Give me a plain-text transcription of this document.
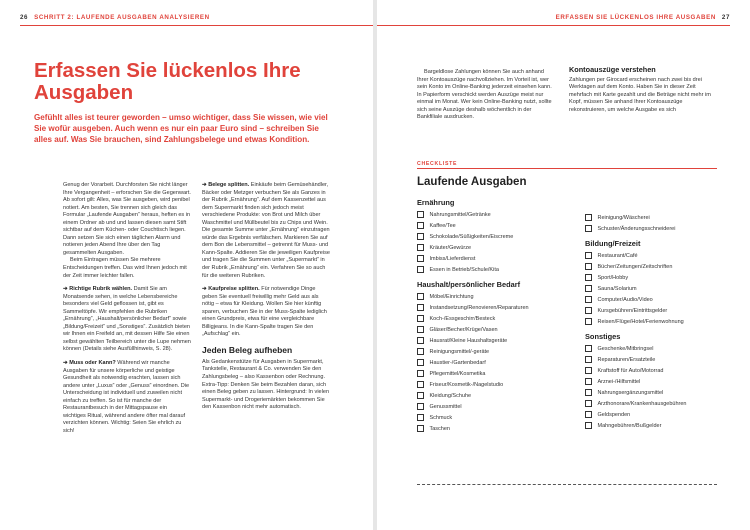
26 SCHRITT 2: LAUFENDE AUSGABEN ANALYSIEREN
Erfassen Sie lückenlos Ihre Ausgaben
Gefühlt alles ist teurer geworden – umso wichtiger, dass Sie wissen, wie viel Sie wofür ausgeben. Auch wenn es nur ein paar Euro sind – schreiben Sie alles auf. Was Sie brauchen, sind Zahlungsbelege und etwas Kondition.

Genug der Vorarbeit. Durchforsten Sie nicht länger Ihre Vergangenheit – erforschen Sie die Gegenwart. Ab sofort gilt: Alles, was Sie ausgeben, wird penibel notiert. Am besten, Sie trennen sich gleich das Formular „Laufende Ausgaben“ heraus, heften es in einem Ordner ab und und lassen diesen samt Stift sichtbar auf dem Küchen- oder Couchtisch liegen. Dann setzen Sie sich einen täglichen Alarm und notieren jeden Abend Ihre über den Tag gesammelten Ausgaben.

Beim Eintragen müssen Sie mehrere Entscheidungen treffen. Das wird Ihnen jedoch mit der Zeit immer leichter fallen.

➔ Richtige Rubrik wählen. Damit Sie am Monatsende sehen, in welche Lebensbereiche besonders viel Geld geflossen ist, gibt es Sammeltöpfe. Wir empfehlen die Rubriken „Ernährung“, „Haushalt/persönlicher Bedarf“ sowie „Bildung/Freizeit“ und „Sonstiges“. Zusätzlich bieten wir Ihnen ein Freifeld an, mit dessen Hilfe Sie einen selbst gewählten Teilbereich unter die Lupe nehmen können (Details siehe Ausfüllhinweis, S. 28).

➔ Muss oder Kann? Während wir manche Ausgaben für unsere körperliche und geistige Gesundheit als notwendig erachten, lassen sich andere unter „Luxus“ oder „Genuss“ einordnen. Die Unterscheidung ist individuell und zuweilen nicht einfach zu treffen. So ist für manche der Restaurantbesuch in der Mittagspause ein wichtiges Ritual, während andere öfter mal darauf verzichten können. Wichtig: Seien Sie ehrlich zu sich!

➔ Belege splitten. Einkäufe beim Gemüsehändler, Bäcker oder Metzger verbuchen Sie als Ganzes in der Rubrik „Ernährung“. Auf dem Kassenzettel aus dem Supermarkt finden sich jedoch meist verschiedene Produkte: von Brot und Milch über Waschmittel und Müllbeutel bis zu Chips und Wein. Die gesamte Summe unter „Ernährung“ einzutragen würde das Ergebnis verfälschen. Markieren Sie auf dem Bon die Lebensmittel – getrennt für Muss- und Kann-Spalte. Addieren Sie die jeweiligen Kaufpreise und tragen Sie die Summen unter „Supermarkt“ in der Rubrik „Ernährung“ ein. Verfahren Sie so auch für die weiteren Rubriken.

➔ Kaufpreise splitten. Für notwendige Dinge geben Sie eventuell freiwillig mehr Geld aus als nötig – etwa für Kleidung. Wollen Sie hier künftig sparen, verbuchen Sie in der Muss-Spalte lediglich einen Grundpreis, etwa für eine vergleichbare Billigjeans. In die Kann-Spalte tragen Sie den „Aufschlag“ ein.

Jeden Beleg aufheben

Als Gedankenstütze für Ausgaben in Supermarkt, Tankstelle, Restaurant & Co. verwenden Sie den Zahlungsbeleg – also Kassenbon oder Rechnung. Extra-Tipp: Denken Sie beim Bezahlen daran, sich einen Beleg geben zu lassen. Hintergrund: In vielen Supermarkt- und Drogeriemärkten bekommen Sie den Kassenbon nicht mehr automatisch.

ERFASSEN SIE LÜCKENLOS IHRE AUSGABEN 27

Bargeldlose Zahlungen können Sie auch anhand Ihrer Kontoauszüge nachvollziehen. Im Vorteil ist, wer sein Konto im Online-Banking jederzeit einsehen kann. In Papierform verschickt werden Auszüge meist nur einmal im Monat. Wer kein Online-Banking nutzt, sollte sich seine Auszüge deshalb wöchentlich in der Bankfiliale ausdrucken.

Kontoauszüge verstehen

Zahlungen per Girocard erscheinen nach zwei bis drei Werktagen auf dem Konto. Haben Sie in dieser Zeit mehrfach mit Karte gezahlt und die Beträge nicht mehr im Kopf, müssen Sie anhand Ihrer Kontoauszüge rekonstruieren, um welche Ausgabe es sich

CHECKLISTE
Laufende Ausgaben
Ernährung
Nahrungsmittel/Getränke
Kaffee/Tee
Schokolade/Süßigkeiten/Eiscreme
Kräuter/Gewürze
Imbiss/Lieferdienst
Essen in Betrieb/Schule/Kita
Haushalt/persönlicher Bedarf
Möbel/Einrichtung
Instandsetzung/Renovieren/Reparaturen
Koch-/Essgeschirr/Besteck
Gläser/Becher/Krüge/Vasen
Hausrat/Kleine Haushaltsgeräte
Reinigungsmittel/-geräte
Haustier-/Gartenbedarf
Pflegemittel/Kosmetika
Friseur/Kosmetik-/Nagelstudio
Kleidung/Schuhe
Genussmittel
Schmuck
Taschen
Reinigung/Wäscherei
Schuster/Änderungsschneiderei
Bildung/Freizeit
Restaurant/Café
Bücher/Zeitungen/Zeitschriften
Sport/Hobby
Sauna/Solarium
Computer/Audio/Video
Kursgebühren/Eintrittsgelder
Reisen/Flüge/Hotel/Ferienwohnung
Sonstiges
Geschenke/Mitbringsel
Reparaturen/Ersatzteile
Kraftstoff für Auto/Motorrad
Arznei-/Hilfsmittel
Nahrungsergänzungsmittel
Arzthonorare/Krankenhausgebühren
Geldspenden
Mahngebühren/Bußgelder
